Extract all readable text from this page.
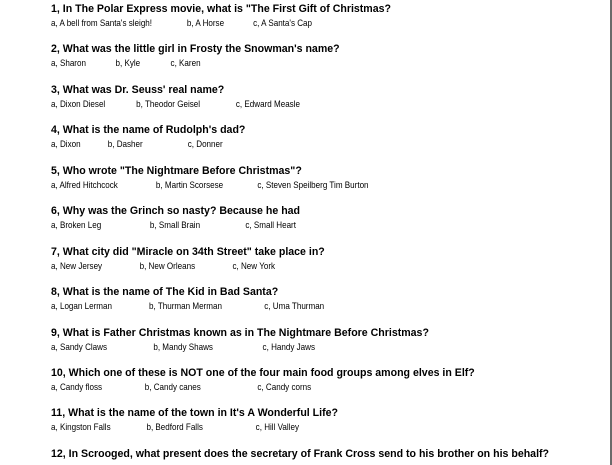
1, In The Polar Express movie, what is "The First Gift of Christmas?
a, A bell from Santa's sleigh!	b, A Horse	c, A Santa's Cap
2, What was the little girl in Frosty the Snowman's name?
a, Sharon	b, Kyle	c, Karen
3, What was Dr. Seuss' real name?
a, Dixon Diesel	b, Theodor Geisel	c, Edward Measle
4, What is the name of Rudolph's dad?
a, Dixon	b, Dasher	c, Donner
5, Who wrote "The Nightmare Before Christmas"?
a, Alfred Hitchcock	b, Martin Scorsese	c, Steven Speilberg Tim Burton
6, Why was the Grinch so nasty? Because he had
a, Broken Leg	b, Small Brain	c, Small Heart
7, What city did "Miracle on 34th Street" take place in?
a, New Jersey	b, New Orleans	c, New York
8, What is the name of The Kid in Bad Santa?
a, Logan Lerman	b, Thurman Merman	c, Uma Thurman
9, What is Father Christmas known as in The Nightmare Before Christmas?
a, Sandy Claws	b, Mandy Shaws	c, Handy Jaws
10, Which one of these is NOT one of the four main food groups among elves in Elf?
a, Candy floss	b, Candy canes	c, Candy corns
11, What is the name of the town in It's A Wonderful Life?
a, Kingston Falls	b, Bedford Falls	c, Hill Valley
12, In Scrooged, what present does the secretary of Frank Cross send to his brother on his behalf?
